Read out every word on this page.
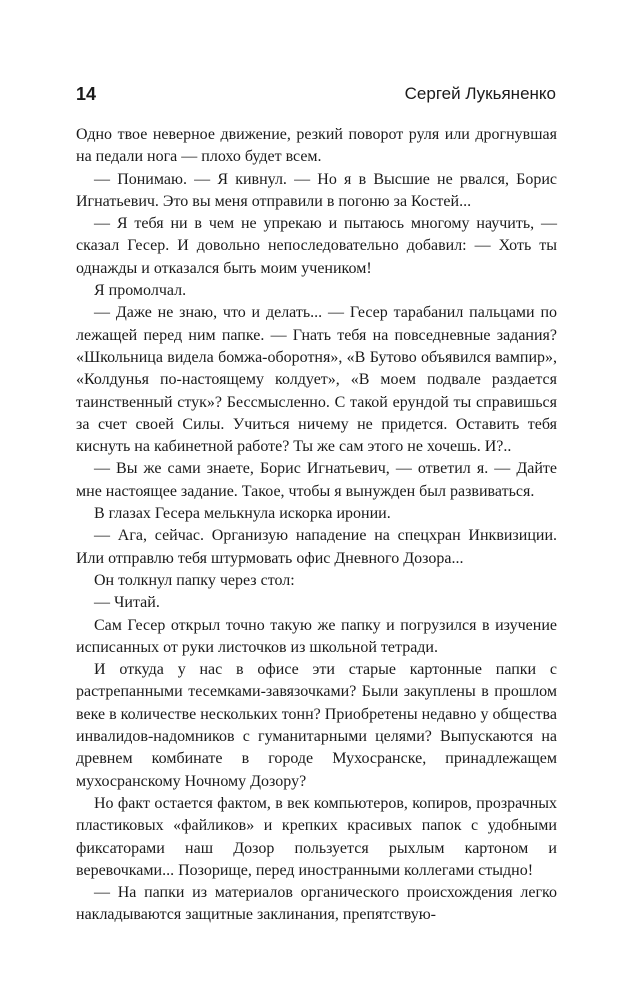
14	Сергей Лукьяненко

Одно твое неверное движение, резкий поворот руля или дрогнувшая на педали нога — плохо будет всем.

— Понимаю. — Я кивнул. — Но я в Высшие не рвался, Борис Игнатьевич. Это вы меня отправили в погоню за Костей...

— Я тебя ни в чем не упрекаю и пытаюсь многому научить, — сказал Гесер. И довольно непоследовательно добавил: — Хоть ты однажды и отказался быть моим учеником!

Я промолчал.

— Даже не знаю, что и делать... — Гесер тарабанил пальцами по лежащей перед ним папке. — Гнать тебя на повседневные задания? «Школьница видела бомжа-оборотня», «В Бутово объявился вампир», «Колдунья по-настоящему колдует», «В моем подвале раздается таинственный стук»? Бессмысленно. С такой ерундой ты справишься за счет своей Силы. Учиться ничему не придется. Оставить тебя киснуть на кабинетной работе? Ты же сам этого не хочешь. И?..

— Вы же сами знаете, Борис Игнатьевич, — ответил я. — Дайте мне настоящее задание. Такое, чтобы я вынужден был развиваться.

В глазах Гесера мелькнула искорка иронии.

— Ага, сейчас. Организую нападение на спецхран Инквизиции. Или отправлю тебя штурмовать офис Дневного Дозора...

Он толкнул папку через стол:

— Читай.

Сам Гесер открыл точно такую же папку и погрузился в изучение исписанных от руки листочков из школьной тетради.

И откуда у нас в офисе эти старые картонные папки с растрепанными тесемками-завязочками? Были закуплены в прошлом веке в количестве нескольких тонн? Приобретены недавно у общества инвалидов-надомников с гуманитарными целями? Выпускаются на древнем комбинате в городе Мухосранске, принадлежащем мухосранскому Ночному Дозору?

Но факт остается фактом, в век компьютеров, копиров, прозрачных пластиковых «файликов» и крепких красивых папок с удобными фиксаторами наш Дозор пользуется рыхлым картоном и веревочками... Позорище, перед иностранными коллегами стыдно!

— На папки из материалов органического происхождения легко накладываются защитные заклинания, препятствую-
